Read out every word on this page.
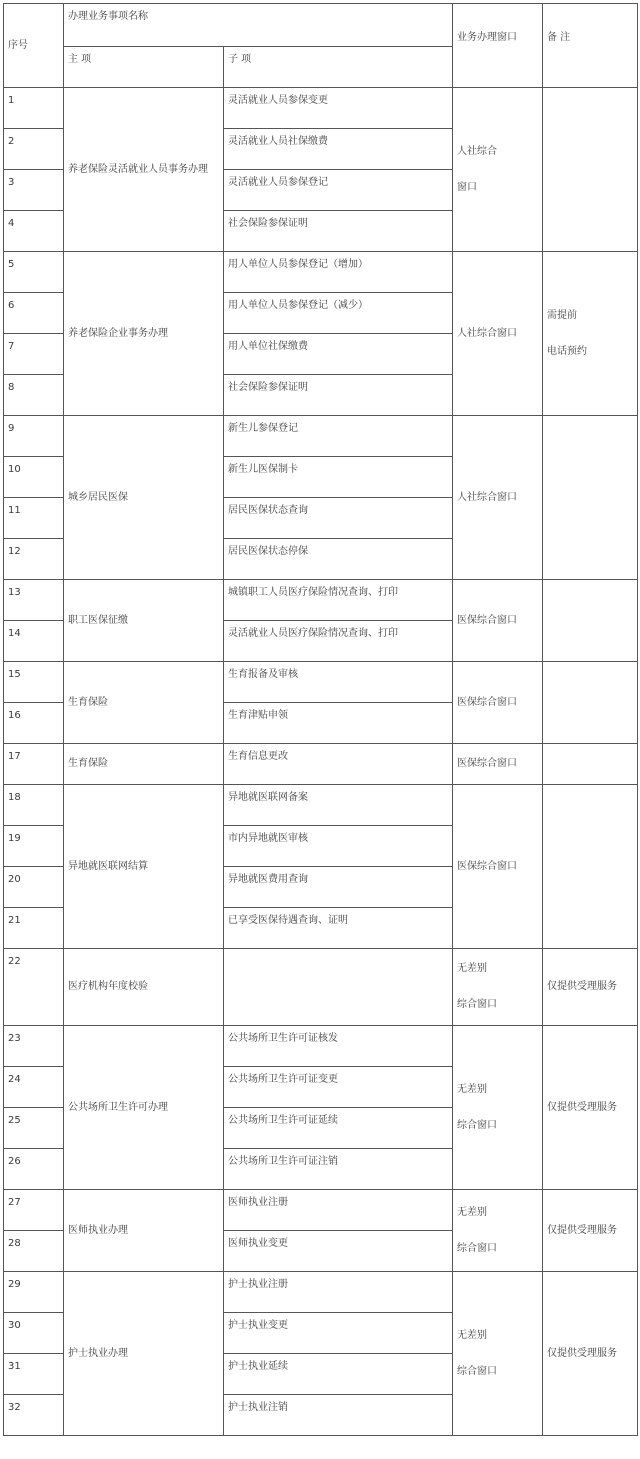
序号	办理业务事项名称		业务办理窗口	备 注
	主 项	子 项		
1	养老保险灵活就业人员事务办理	灵活就业人员参保变更	人社综合
窗口	

2		灵活就业人员社保缴费		
3		灵活就业人员参保登记		
4		社会保险参保证明		
5	养老保险企业事务办理	用人单位人员参保登记（增加）	人社综合窗口	需提前
电话预约

6		用人单位人员参保登记（减少）		
7		用人单位社保缴费		
8		社会保险参保证明		
9	城乡居民医保	新生儿参保登记	人社综合窗口	

10		新生儿医保制卡		
11		居民医保状态查询		
12		居民医保状态停保		
13	职工医保征缴	城镇职工人员医疗保险情况查询、打印	医保综合窗口	

14		灵活就业人员医疗保险情况查询、打印		
15	生育保险	生育报备及审核	医保综合窗口	

16		生育津贴申领		
17	生育保险	生育信息更改	医保综合窗口	

18	异地就医联网结算	异地就医联网备案	医保综合窗口	

19		市内异地就医审核		
20		异地就医费用查询		
21		已享受医保待遇查询、证明		
22	医疗机构年度校验		无差别
综合窗口	仅提供受理服务

23	公共场所卫生许可办理	公共场所卫生许可证核发	无差别
综合窗口	仅提供受理服务

24		公共场所卫生许可证变更		
25		公共场所卫生许可证延续		
26		公共场所卫生许可证注销		
27	医师执业办理	医师执业注册	无差别
综合窗口	仅提供受理服务

28		医师执业变更		
29	护士执业办理	护士执业注册	无差别
综合窗口	仅提供受理服务

30		护士执业变更		
31		护士执业延续		
32		护士执业注销		
